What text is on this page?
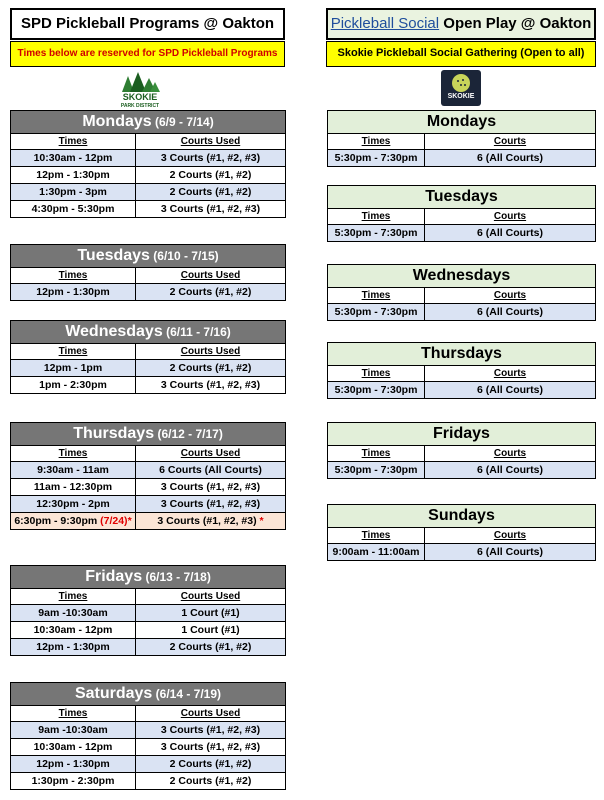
SPD Pickleball Programs @ Oakton
Times below are reserved for SPD Pickleball Programs
Pickleball Social Open Play @ Oakton
Skokie Pickleball Social Gathering (Open to all)
SKOKIE
PARK DISTRICT
SKOKIE
Mondays (6/9 - 7/14)	
Times	Courts Used
10:30am - 12pm	3 Courts (#1, #2, #3)
12pm - 1:30pm	2 Courts (#1, #2)
1:30pm - 3pm	2 Courts (#1, #2)
4:30pm - 5:30pm	3 Courts (#1, #2, #3)
Tuesdays (6/10 - 7/15)	
Times	Courts Used
12pm - 1:30pm	2 Courts (#1, #2)
Wednesdays (6/11 - 7/16)	
Times	Courts Used
12pm - 1pm	2 Courts (#1, #2)
1pm - 2:30pm	3 Courts (#1, #2, #3)
Thursdays (6/12 - 7/17)	
Times	Courts Used
9:30am - 11am	6 Courts (All Courts)
11am - 12:30pm	3 Courts (#1, #2, #3)
12:30pm - 2pm	3 Courts (#1, #2, #3)
6:30pm - 9:30pm (7/24)*	3 Courts (#1, #2, #3) *
Fridays (6/13 - 7/18)	
Times	Courts Used
9am -10:30am	1 Court (#1)
10:30am - 12pm	1 Court (#1)
12pm - 1:30pm	2 Courts (#1, #2)
Saturdays (6/14 - 7/19)	
Times	Courts Used
9am -10:30am	3 Courts (#1, #2, #3)
10:30am - 12pm	3 Courts (#1, #2, #3)
12pm - 1:30pm	2 Courts (#1, #2)
1:30pm - 2:30pm	2 Courts (#1, #2)
Mondays	
Times	Courts
5:30pm - 7:30pm	6 (All Courts)
Tuesdays	
Times	Courts
5:30pm - 7:30pm	6 (All Courts)
Wednesdays	
Times	Courts
5:30pm - 7:30pm	6 (All Courts)
Thursdays	
Times	Courts
5:30pm - 7:30pm	6 (All Courts)
Fridays	
Times	Courts
5:30pm - 7:30pm	6 (All Courts)
Sundays	
Times	Courts
9:00am - 11:00am	6 (All Courts)
